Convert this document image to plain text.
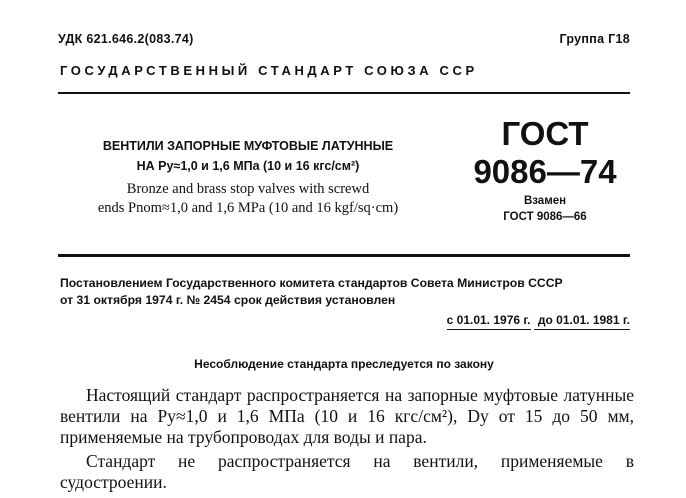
УДК 621.646.2(083.74)	Группа Г18
ГОСУДАРСТВЕННЫЙ СТАНДАРТ СОЮЗА ССР
ВЕНТИЛИ ЗАПОРНЫЕ МУФТОВЫЕ ЛАТУННЫЕ
НА Pу≈1,0 и 1,6 МПа (10 и 16 кгс/см²)
Bronze and brass stop valves with screwd
ends Pnom≈1,0 and 1,6 MPa (10 and 16 kgf/sq·cm)
ГОСТ
9086—74
Взамен
ГОСТ 9086—66
Постановлением Государственного комитета стандартов Совета Министров СССР
от 31 октября 1974 г. № 2454 срок действия установлен
с 01.01. 1976 г. до 01.01. 1981 г.
Несоблюдение стандарта преследуется по закону

Настоящий стандарт распространяется на запорные муфтовые латунные вентили на Pу≈1,0 и 1,6 МПа (10 и 16 кгс/см²), Dу от 15 до 50 мм, применяемые на трубопроводах для воды и пара.

Стандарт не распространяется на вентили, применяемые в судостроении.
